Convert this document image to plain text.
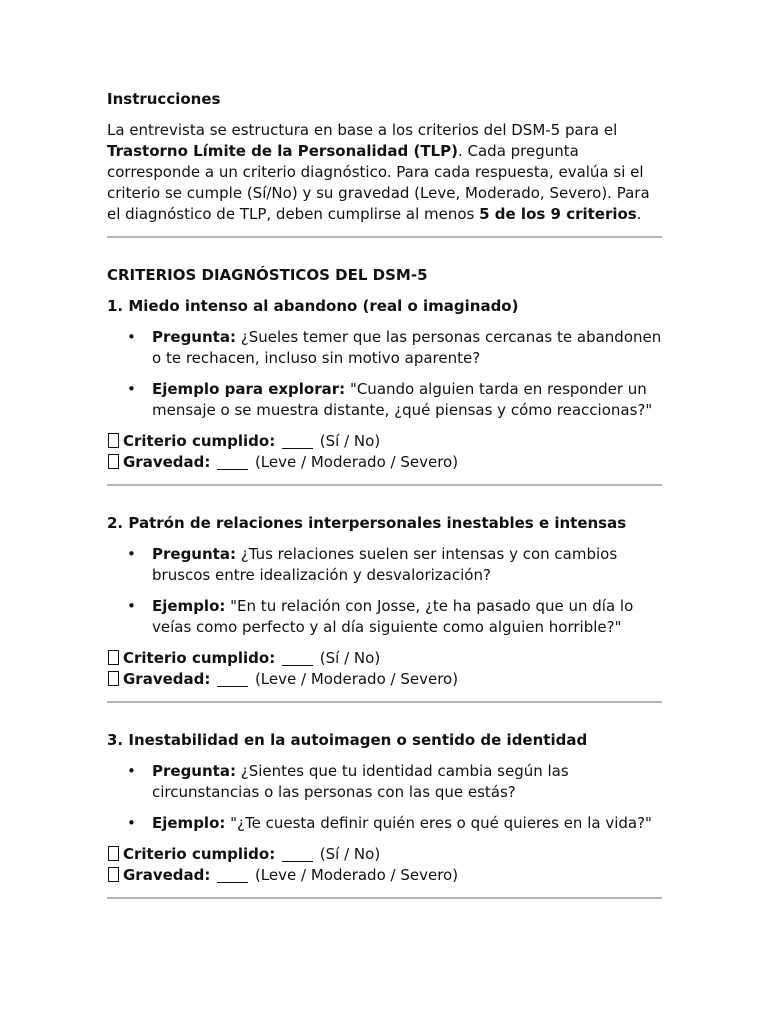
Instrucciones

La entrevista se estructura en base a los criterios del DSM-5 para el Trastorno Límite de la Personalidad (TLP). Cada pregunta corresponde a un criterio diagnóstico. Para cada respuesta, evalúa si el criterio se cumple (Sí/No) y su gravedad (Leve, Moderado, Severo). Para el diagnóstico de TLP, deben cumplirse al menos 5 de los 9 criterios.

CRITERIOS DIAGNÓSTICOS DEL DSM-5

1. Miedo intenso al abandono (real o imaginado)

• Pregunta: ¿Sueles temer que las personas cercanas te abandonen o te rechacen, incluso sin motivo aparente?
• Ejemplo para explorar: "Cuando alguien tarda en responder un mensaje o se muestra distante, ¿qué piensas y cómo reaccionas?"

Criterio cumplido:	(Sí / No)

Gravedad:	(Leve / Moderado / Severo)

2. Patrón de relaciones interpersonales inestables e intensas

• Pregunta: ¿Tus relaciones suelen ser intensas y con cambios bruscos entre idealización y desvalorización?
• Ejemplo: "En tu relación con Josse, ¿te ha pasado que un día lo veías como perfecto y al día siguiente como alguien horrible?"

Criterio cumplido:	(Sí / No)

Gravedad:	(Leve / Moderado / Severo)

3. Inestabilidad en la autoimagen o sentido de identidad

• Pregunta: ¿Sientes que tu identidad cambia según las circunstancias o las personas con las que estás?
• Ejemplo: "¿Te cuesta definir quién eres o qué quieres en la vida?"

Criterio cumplido:	(Sí / No)

Gravedad:	(Leve / Moderado / Severo)
